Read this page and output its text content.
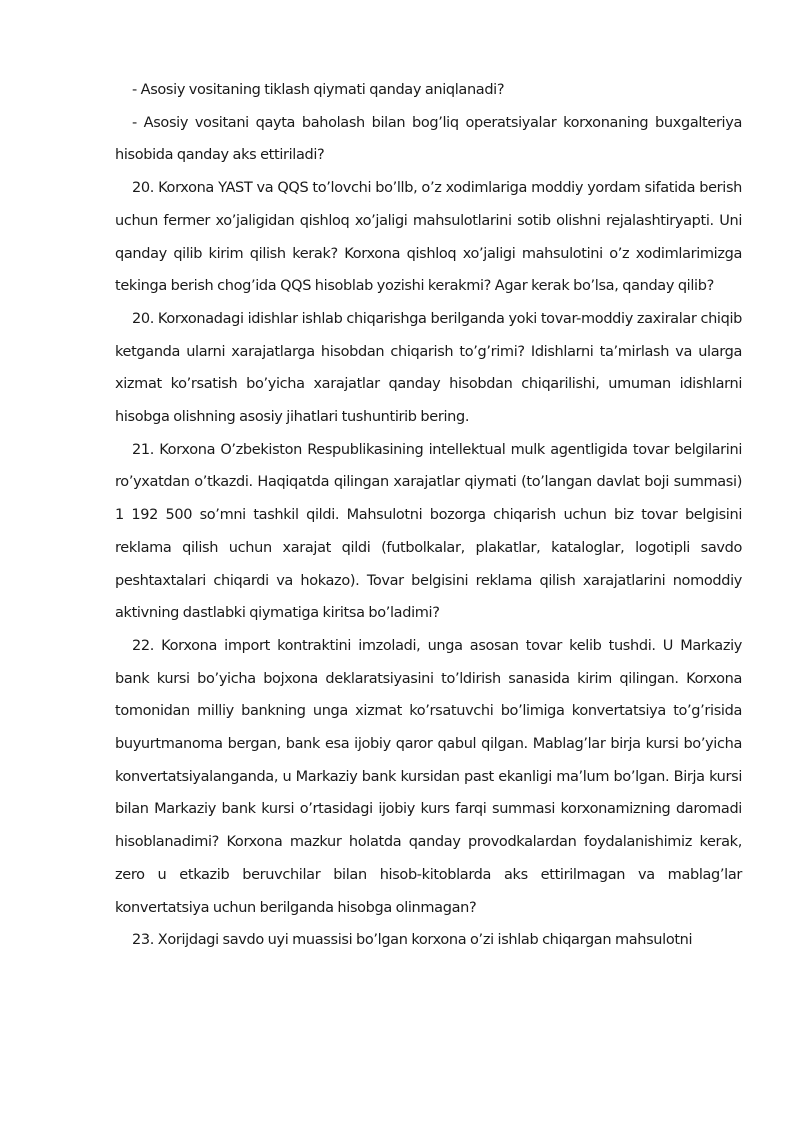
- Asosiy vositaning tiklash qiymati qanday aniqlanadi?

- Asosiy vositani qayta baholash bilan bog’liq operatsiyalar korxonaning buxgalteriya hisobida qanday aks ettiriladi?

20. Korxona YAST va QQS to’lovchi bo’llb, o’z xodimlariga moddiy yordam sifatida berish uchun fermer xo’jaligidan qishloq xo’jaligi mahsulotlarini sotib olishni rejalashtiryapti. Uni qanday qilib kirim qilish kerak? Korxona qishloq xo’jaligi mahsulotini o’z xodimlarimizga tekinga berish chog’ida QQS hisoblab yozishi kerakmi? Agar kerak bo’lsa, qanday qilib?

20. Korxonadagi idishlar ishlab chiqarishga berilganda yoki tovar-moddiy zaxiralar chiqib ketganda ularni xarajatlarga hisobdan chiqarish to’g’rimi? Idishlarni ta’mirlash va ularga xizmat ko’rsatish bo’yicha xarajatlar qanday hisobdan chiqarilishi, umuman idishlarni hisobga olishning asosiy jihatlari tushuntirib bering.

21. Korxona O’zbekiston Respublikasining intellektual mulk agentligida tovar belgilarini ro’yxatdan o’tkazdi. Haqiqatda qilingan xarajatlar qiymati (to’langan davlat boji summasi) 1 192 500 so’mni tashkil qildi. Mahsulotni bozorga chiqarish uchun biz tovar belgisini reklama qilish uchun xarajat qildi (futbolkalar, plakatlar, kataloglar, logotipli savdo peshtaxtalari chiqardi va hokazo). Tovar belgisini reklama qilish xarajatlarini nomoddiy aktivning dastlabki qiymatiga kiritsa bo’ladimi?

22. Korxona import kontraktini imzoladi, unga asosan tovar kelib tushdi. U Markaziy bank kursi bo’yicha bojxona deklaratsiyasini to’ldirish sanasida kirim qilingan. Korxona tomonidan milliy bankning unga xizmat ko’rsatuvchi bo’limiga konvertatsiya to’g’risida buyurtmanoma bergan, bank esa ijobiy qaror qabul qilgan. Mablag’lar birja kursi bo’yicha konvertatsiyalanganda, u Markaziy bank kursidan past ekanligi ma’lum bo’lgan. Birja kursi bilan Markaziy bank kursi o’rtasidagi ijobiy kurs farqi summasi korxonamizning daromadi hisoblanadimi? Korxona mazkur holatda qanday provodkalardan foydalanishimiz kerak, zero u etkazib beruvchilar bilan hisob-kitoblarda aks ettirilmagan va mablag’lar konvertatsiya uchun berilganda hisobga olinmagan?

23. Xorijdagi savdo uyi muassisi bo’lgan korxona o’zi ishlab chiqargan mahsulotni
